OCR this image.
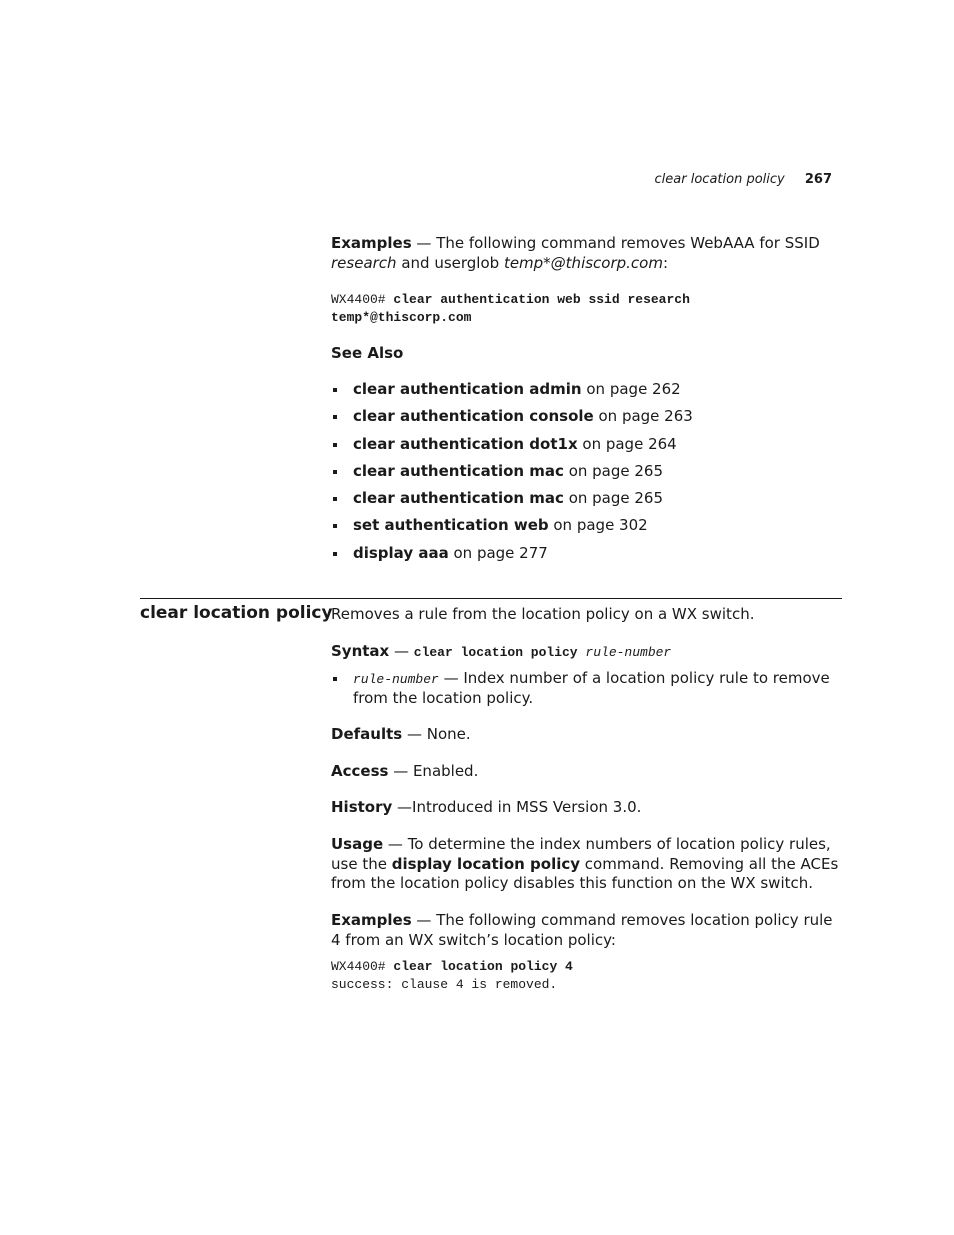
clear location policy 267

Examples — The following command removes WebAAA for SSID research and userglob temp*@thiscorp.com:

WX4400# clear authentication web ssid research
temp*@thiscorp.com

See Also

clear authentication admin on page 262
clear authentication console on page 263
clear authentication dot1x on page 264
clear authentication mac on page 265
clear authentication mac on page 265
set authentication web on page 302
display aaa on page 277
clear location policy

Removes a rule from the location policy on a WX switch.

Syntax — clear location policy rule-number

rule-number — Index number of a location policy rule to remove from the location policy.

Defaults — None.

Access — Enabled.

History —Introduced in MSS Version 3.0.

Usage — To determine the index numbers of location policy rules, use the display location policy command. Removing all the ACEs from the location policy disables this function on the WX switch.

Examples — The following command removes location policy rule 4 from an WX switch’s location policy:

WX4400# clear location policy 4
success: clause 4 is removed.
